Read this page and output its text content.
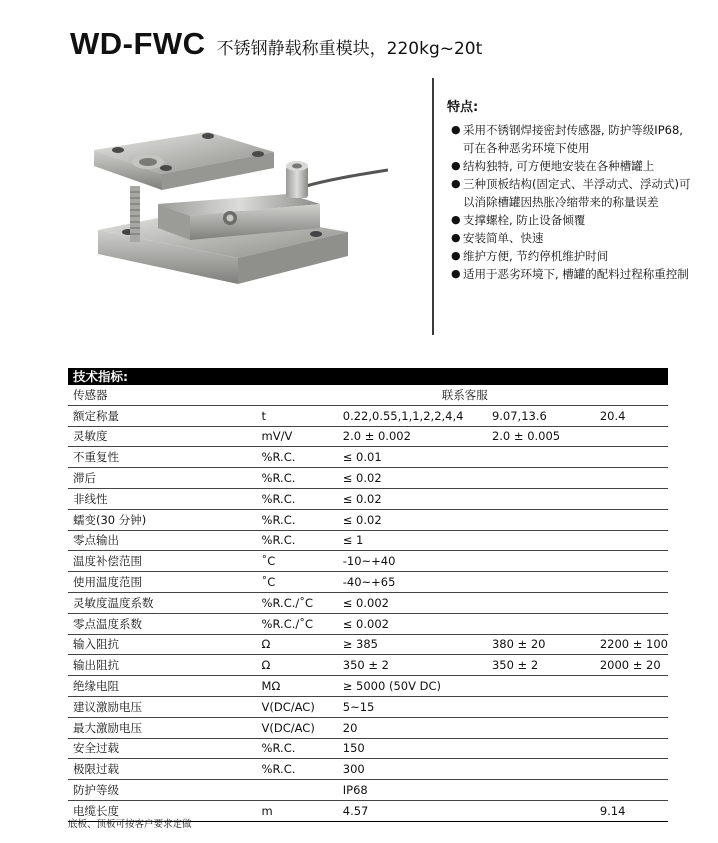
WD-FWC 不锈钢静载称重模块，220kg~20t
特点:
● 采用不锈钢焊接密封传感器, 防护等级IP68, 可在各种恶劣环境下使用
● 结构独特, 可方便地安装在各种槽罐上
● 三种顶板结构(固定式、半浮动式、浮动式)可以消除槽罐因热胀冷缩带来的称量误差
● 支撑螺栓, 防止设备倾覆
● 安装简单、快速
● 维护方便, 节约停机维护时间
● 适用于恶劣环境下, 槽罐的配料过程称重控制
技术指标:
传感器	联系客服			
额定称量	t	0.22,0.55,1,1,2,2,4,4	9.07,13.6	20.4
灵敏度	mV/V	2.0 ± 0.002	2.0 ± 0.005	
不重复性	%R.C.	≤ 0.01		
滞后	%R.C.	≤ 0.02		
非线性	%R.C.	≤ 0.02		
蠕变(30 分钟)	%R.C.	≤ 0.02		
零点输出	%R.C.	≤ 1		
温度补偿范围	˚C	-10~+40		
使用温度范围	˚C	-40~+65		
灵敏度温度系数	%R.C./˚C	≤ 0.002		
零点温度系数	%R.C./˚C	≤ 0.002		
输入阻抗	Ω	≥ 385	380 ± 20	2200 ± 100
输出阻抗	Ω	350 ± 2	350 ± 2	2000 ± 20
绝缘电阻	MΩ	≥ 5000 (50V DC)		
建议激励电压	V(DC/AC)	5~15		
最大激励电压	V(DC/AC)	20		
安全过载	%R.C.	150		
极限过载	%R.C.	300		
防护等级		IP68		
电缆长度	m	4.57		9.14
底板、顶板可按客户要求定做
